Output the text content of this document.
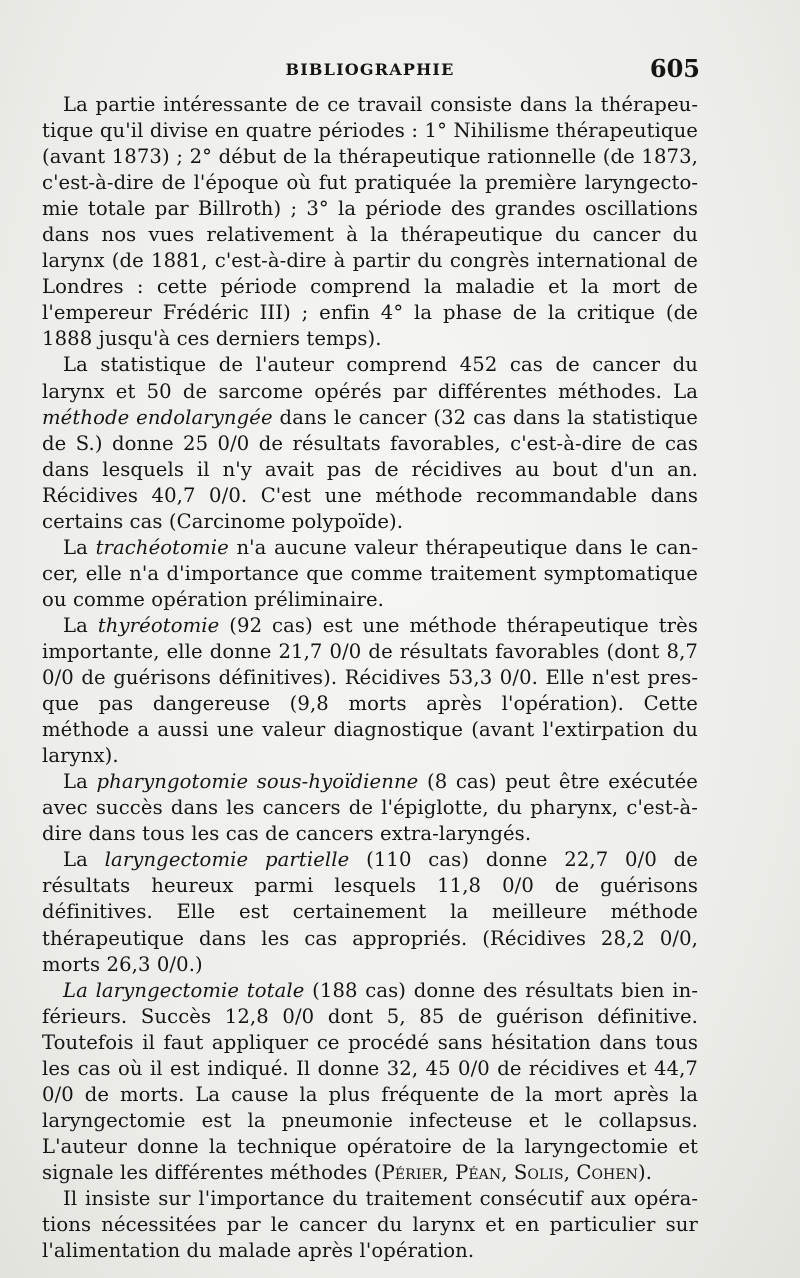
BIBLIOGRAPHIE	605

La partie intéressante de ce travail consiste dans la thérapeutique qu'il divise en quatre périodes : 1° Nihilisme thérapeutique (avant 1873) ; 2° début de la thérapeutique rationnelle (de 1873, c'est-à-dire de l'époque où fut pratiquée la première laryngectomie totale par Billroth) ; 3° la période des grandes oscillations dans nos vues relativement à la thérapeutique du cancer du larynx (de 1881, c'est-à-dire à partir du congrès international de Londres : cette période comprend la maladie et la mort de l'empereur Frédéric III) ; enfin 4° la phase de la critique (de 1888 jusqu'à ces derniers temps).

La statistique de l'auteur comprend 452 cas de cancer du larynx et 50 de sarcome opérés par différentes méthodes. La méthode endolaryngée dans le cancer (32 cas dans la statistique de S.) donne 25 0/0 de résultats favorables, c'est-à-dire de cas dans lesquels il n'y avait pas de récidives au bout d'un an. Récidives 40,7 0/0. C'est une méthode recommandable dans certains cas (Carcinome polypoïde).

La trachéotomie n'a aucune valeur thérapeutique dans le cancer, elle n'a d'importance que comme traitement symptomatique ou comme opération préliminaire.

La thyréotomie (92 cas) est une méthode thérapeutique très importante, elle donne 21,7 0/0 de résultats favorables (dont 8,7 0/0 de guérisons définitives). Récidives 53,3 0/0. Elle n'est presque pas dangereuse (9,8 morts après l'opération). Cette méthode a aussi une valeur diagnostique (avant l'extirpation du larynx).

La pharyngotomie sous-hyoïdienne (8 cas) peut être exécutée avec succès dans les cancers de l'épiglotte, du pharynx, c'est-à-dire dans tous les cas de cancers extra-laryngés.

La laryngectomie partielle (110 cas) donne 22,7 0/0 de résultats heureux parmi lesquels 11,8 0/0 de guérisons définitives. Elle est certainement la meilleure méthode thérapeutique dans les cas appropriés. (Récidives 28,2 0/0, morts 26,3 0/0.)

La laryngectomie totale (188 cas) donne des résultats bien inférieurs. Succès 12,8 0/0 dont 5, 85 de guérison définitive. Toutefois il faut appliquer ce procédé sans hésitation dans tous les cas où il est indiqué. Il donne 32, 45 0/0 de récidives et 44,7 0/0 de morts. La cause la plus fréquente de la mort après la laryngectomie est la pneumonie infecteuse et le collapsus. L'auteur donne la technique opératoire de la laryngectomie et signale les différentes méthodes (Périer, Péan, Solis, Cohen).

Il insiste sur l'importance du traitement consécutif aux opérations nécessitées par le cancer du larynx et en particulier sur l'alimentation du malade après l'opération.
